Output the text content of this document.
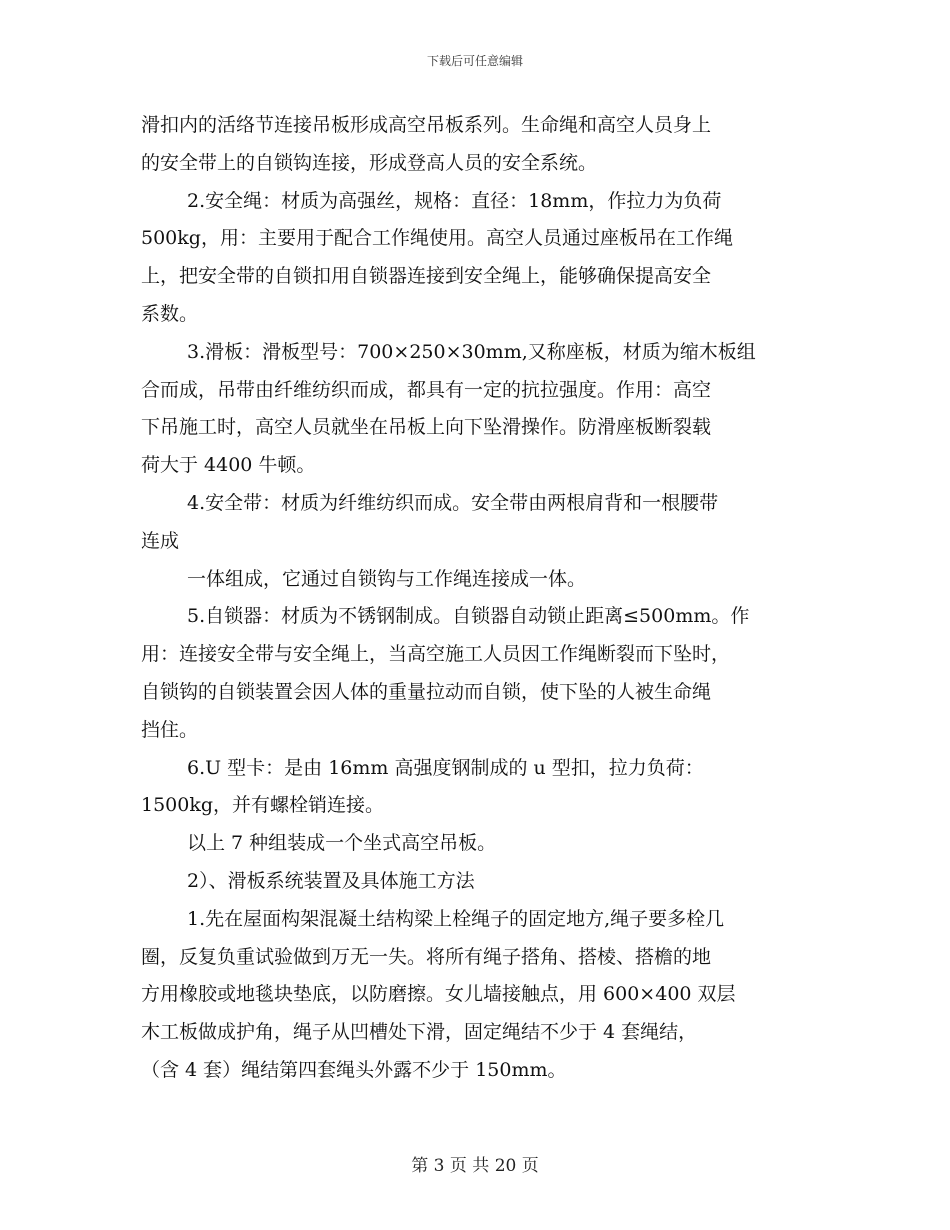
下载后可任意编辑
滑扣内的活络节连接吊板形成高空吊板系列。生命绳和高空人员身上
的安全带上的自锁钩连接，形成登高人员的安全系统。
2.安全绳：材质为高强丝，规格：直径：18mm，作拉力为负荷
500kg，用：主要用于配合工作绳使用。高空人员通过座板吊在工作绳
上，把安全带的自锁扣用自锁器连接到安全绳上，能够确保提高安全
系数。
3.滑板：滑板型号：700×250×30mm,又称座板，材质为缩木板组
合而成，吊带由纤维纺织而成，都具有一定的抗拉强度。作用：高空
下吊施工时，高空人员就坐在吊板上向下坠滑操作。防滑座板断裂载
荷大于 4400 牛顿。
4.安全带：材质为纤维纺织而成。安全带由两根肩背和一根腰带
连成
一体组成，它通过自锁钩与工作绳连接成一体。
5.自锁器：材质为不锈钢制成。自锁器自动锁止距离≤500mm。作
用：连接安全带与安全绳上，当高空施工人员因工作绳断裂而下坠时，
自锁钩的自锁装置会因人体的重量拉动而自锁，使下坠的人被生命绳
挡住。
6.U 型卡：是由 16mm 高强度钢制成的 u 型扣，拉力负荷：
1500kg，并有螺栓销连接。
以上 7 种组装成一个坐式高空吊板。
2）、滑板系统装置及具体施工方法
1.先在屋面构架混凝土结构梁上栓绳子的固定地方,绳子要多栓几
圈，反复负重试验做到万无一失。将所有绳子搭角、搭棱、搭檐的地
方用橡胶或地毯块垫底，以防磨擦。女儿墙接触点，用 600×400 双层
木工板做成护角，绳子从凹槽处下滑，固定绳结不少于 4 套绳结，
（含 4 套）绳结第四套绳头外露不少于 150mm。
第 3 页 共 20 页
